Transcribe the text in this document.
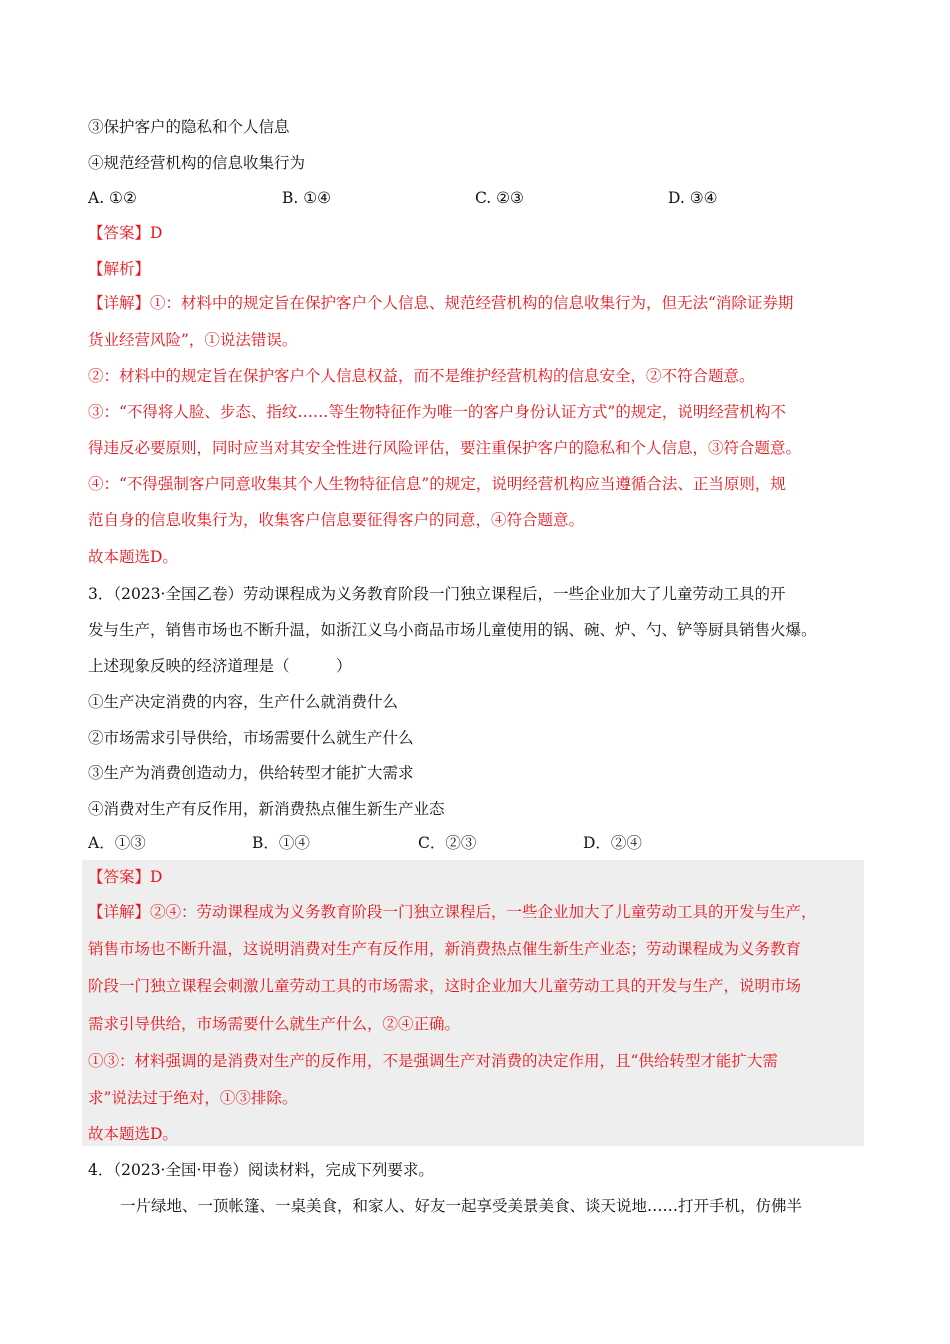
③保护客户的隐私和个人信息
④规范经营机构的信息收集行为
A. ①②	B. ①④	C. ②③	D. ③④
【答案】D
【解析】
【详解】①：材料中的规定旨在保护客户个人信息、规范经营机构的信息收集行为，但无法“消除证券期
货业经营风险”，①说法错误。
②：材料中的规定旨在保护客户个人信息权益，而不是维护经营机构的信息安全，②不符合题意。
③：“不得将人脸、步态、指纹……等生物特征作为唯一的客户身份认证方式”的规定，说明经营机构不
得违反必要原则，同时应当对其安全性进行风险评估，要注重保护客户的隐私和个人信息，③符合题意。
④：“不得强制客户同意收集其个人生物特征信息”的规定，说明经营机构应当遵循合法、正当原则，规
范自身的信息收集行为，收集客户信息要征得客户的同意，④符合题意。
故本题选D。
3．（2023·全国乙卷）劳动课程成为义务教育阶段一门独立课程后，一些企业加大了儿童劳动工具的开
发与生产，销售市场也不断升温，如浙江义乌小商品市场儿童使用的锅、碗、炉、勺、铲等厨具销售火爆。
上述现象反映的经济道理是（　　　）
①生产决定消费的内容，生产什么就消费什么
②市场需求引导供给，市场需要什么就生产什么
③生产为消费创造动力，供给转型才能扩大需求
④消费对生产有反作用，新消费热点催生新生产业态
A．①③	B．①④	C．②③	D．②④
【答案】D
【详解】②④：劳动课程成为义务教育阶段一门独立课程后，一些企业加大了儿童劳动工具的开发与生产，
销售市场也不断升温，这说明消费对生产有反作用，新消费热点催生新生产业态；劳动课程成为义务教育
阶段一门独立课程会刺激儿童劳动工具的市场需求，这时企业加大儿童劳动工具的开发与生产，说明市场
需求引导供给，市场需要什么就生产什么，②④正确。
①③：材料强调的是消费对生产的反作用，不是强调生产对消费的决定作用，且“供给转型才能扩大需
求”说法过于绝对，①③排除。
故本题选D。
4．（2023·全国·甲卷）阅读材料，完成下列要求。
一片绿地、一顶帐篷、一桌美食，和家人、好友一起享受美景美食、谈天说地……打开手机，仿佛半
